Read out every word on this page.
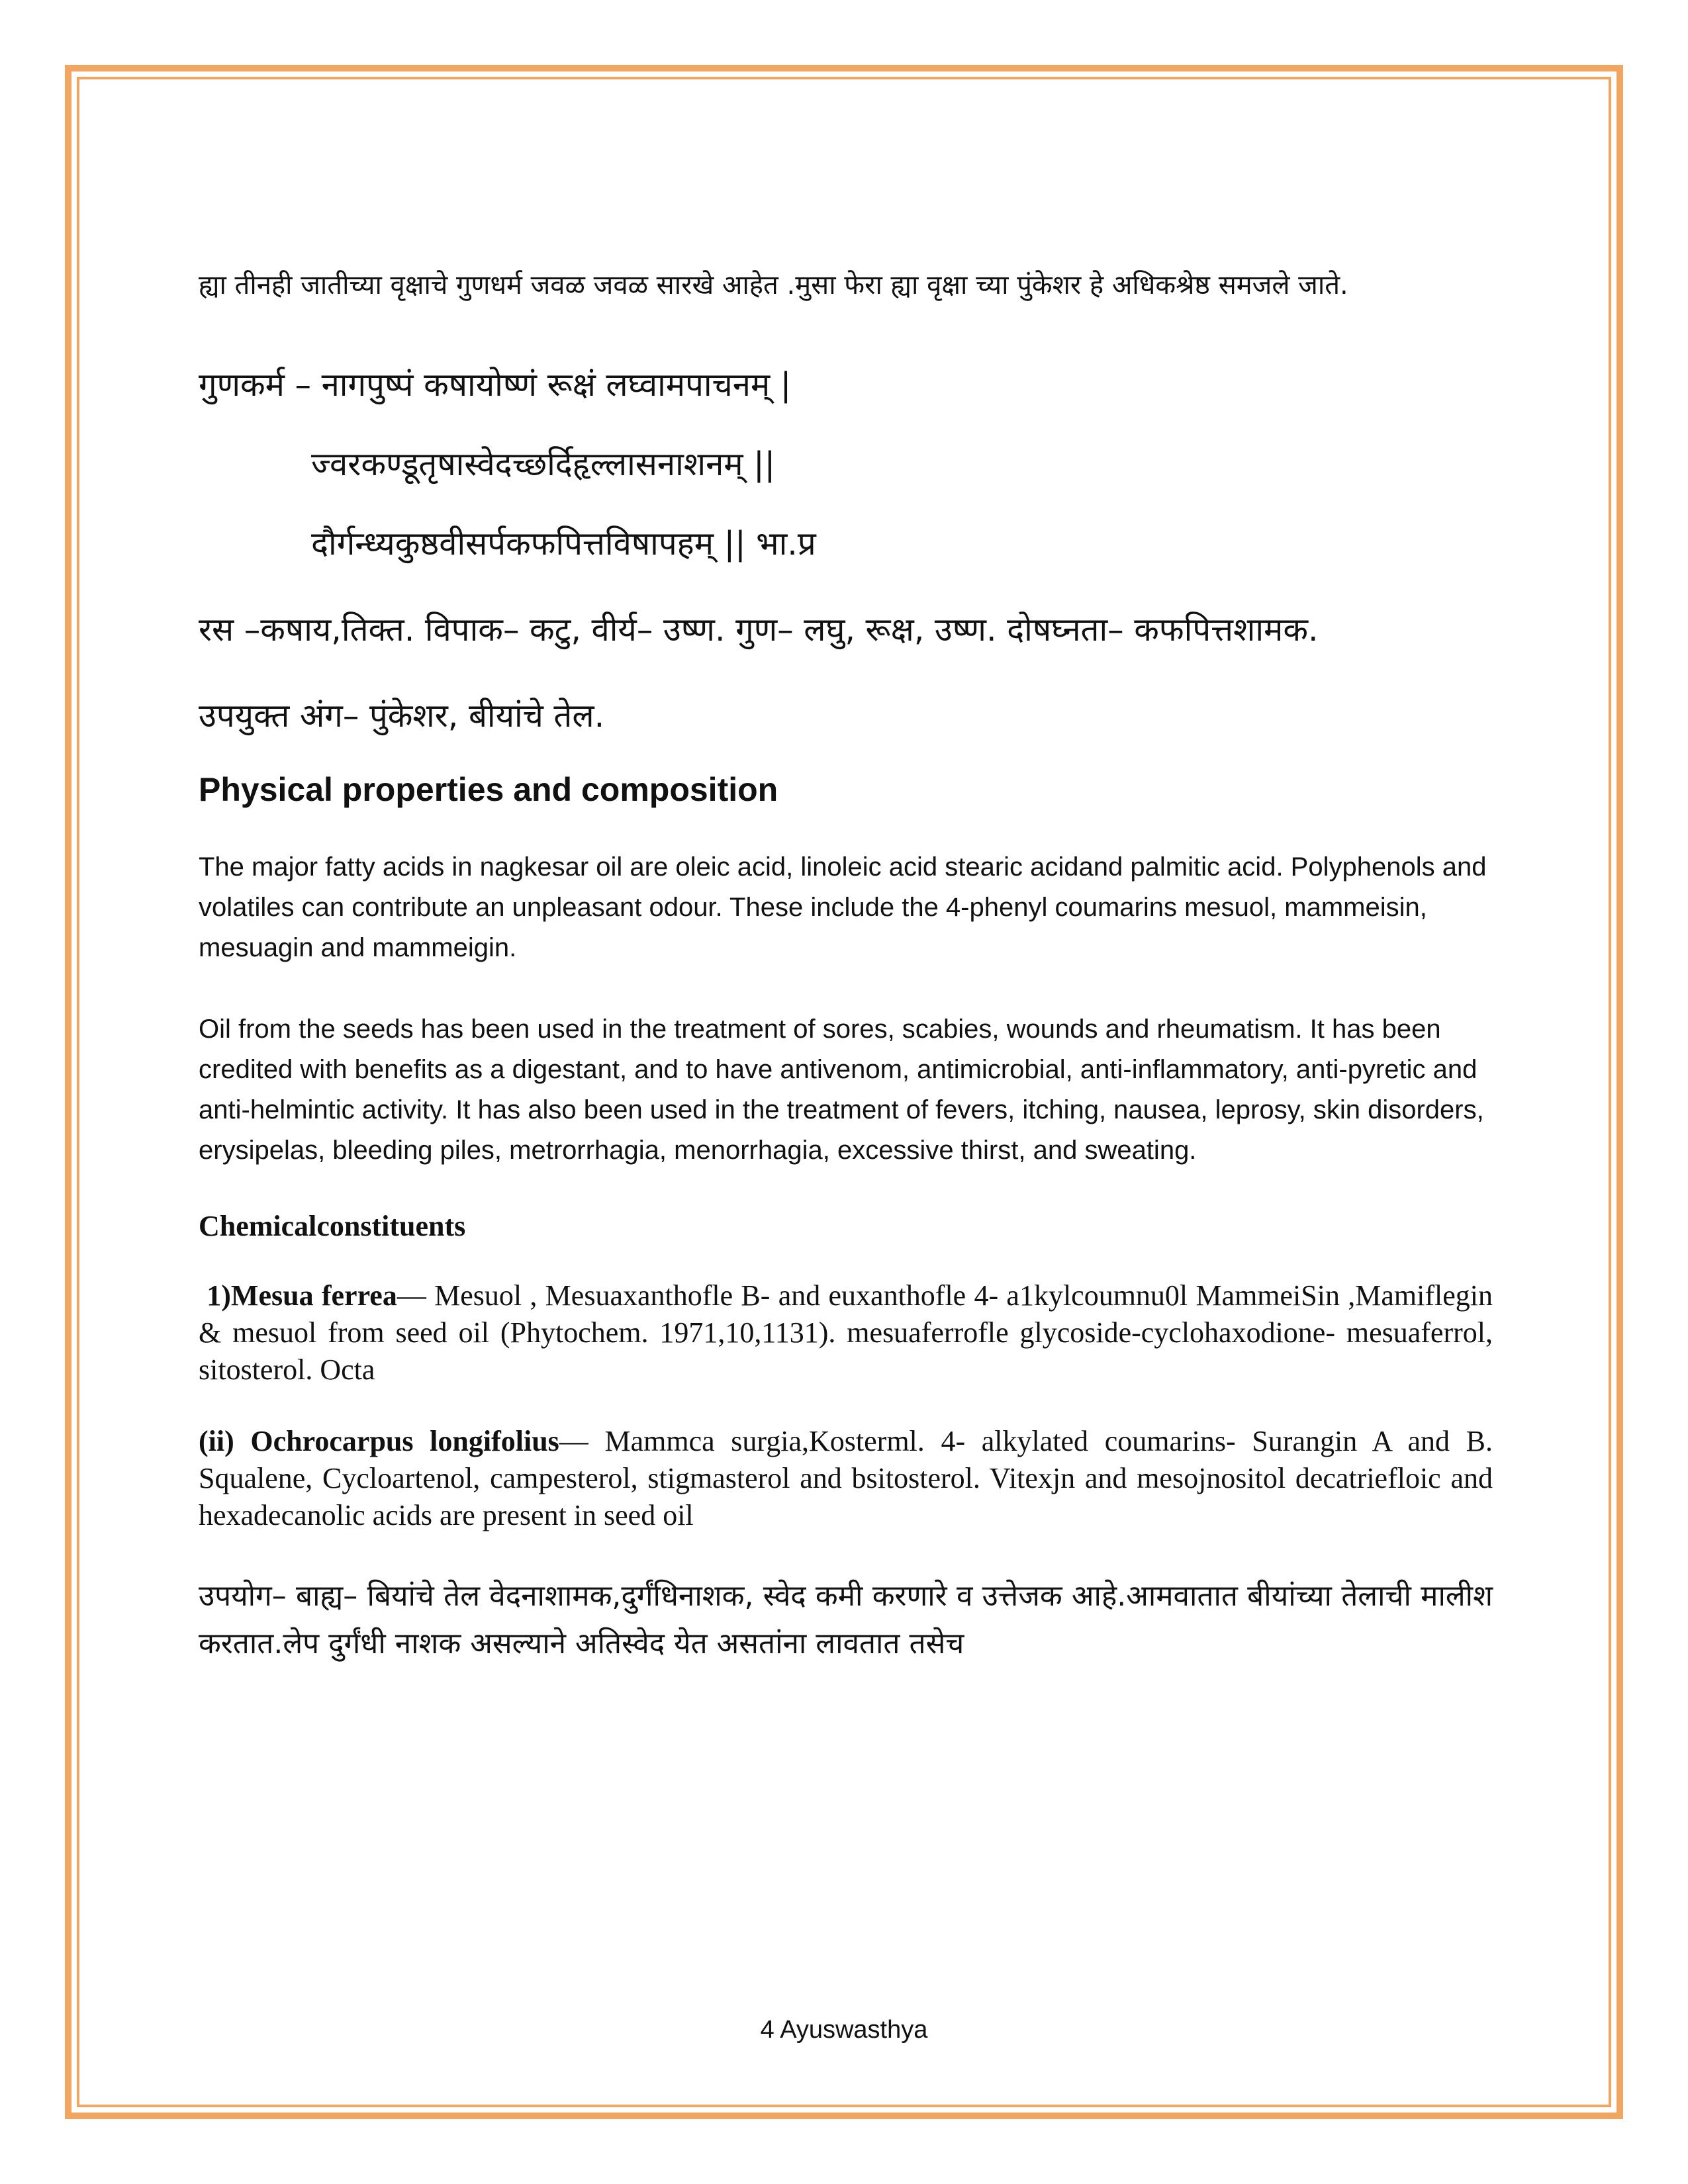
ह्या तीनही जातीच्या वृक्षाचे गुणधर्म जवळ जवळ सारखे आहेत .मुसा फेरा ह्या वृक्षा च्या पुंकेशर हे अधिकश्रेष्ठ समजले जाते.

गुणकर्म – नागपुष्पं कषायोष्णं रूक्षं लघ्वामपाचनम् |

ज्वरकण्डूतृषास्वेदच्छर्दिहृल्लासनाशनम् ||

दौर्गन्ध्यकुष्ठवीसर्पकफपित्तविषापहम् || भा.प्र

रस –कषाय,तिक्त. विपाक– कटु, वीर्य– उष्ण. गुण– लघु, रूक्ष, उष्ण. दोषघ्नता– कफपित्तशामक.

उपयुक्त अंग– पुंकेशर, बीयांचे तेल.

Physical properties and composition

The major fatty acids in nagkesar oil are oleic acid, linoleic acid stearic acidand palmitic acid. Polyphenols and volatiles can contribute an unpleasant odour. These include the 4-phenyl coumarins mesuol, mammeisin, mesuagin and mammeigin.

Oil from the seeds has been used in the treatment of sores, scabies, wounds and rheumatism. It has been credited with benefits as a digestant, and to have antivenom, antimicrobial, anti-inflammatory, anti-pyretic and anti-helmintic activity. It has also been used in the treatment of fevers, itching, nausea, leprosy, skin disorders, erysipelas, bleeding piles, metrorrhagia, menorrhagia, excessive thirst, and sweating.

Chemicalconstituents

1)Mesua ferrea— Mesuol , Mesuaxanthofle B- and euxanthofle 4- a1kylcoumnu0l MammeiSin ,Mamiflegin & mesuol from seed oil (Phytochem. 1971,10,1131). mesuaferrofle glycoside-cyclohaxodione- mesuaferrol, sitosterol. Octa

(ii) Ochrocarpus longifolius— Mammca surgia,Kosterml. 4- alkylated coumarins- Surangin A and B. Squalene, Cycloartenol, campesterol, stigmasterol and bsitosterol. Vitexjn and mesojnositol decatriefloic and hexadecanolic acids are present in seed oil

उपयोग– बाह्य– बियांचे तेल वेदनाशामक,दुर्गंधिनाशक, स्वेद कमी करणारे व उत्तेजक आहे.आमवातात बीयांच्या तेलाची मालीश करतात.लेप दुर्गंधी नाशक असल्याने अतिस्वेद येत असतांना लावतात तसेच

4 Ayuswasthya
